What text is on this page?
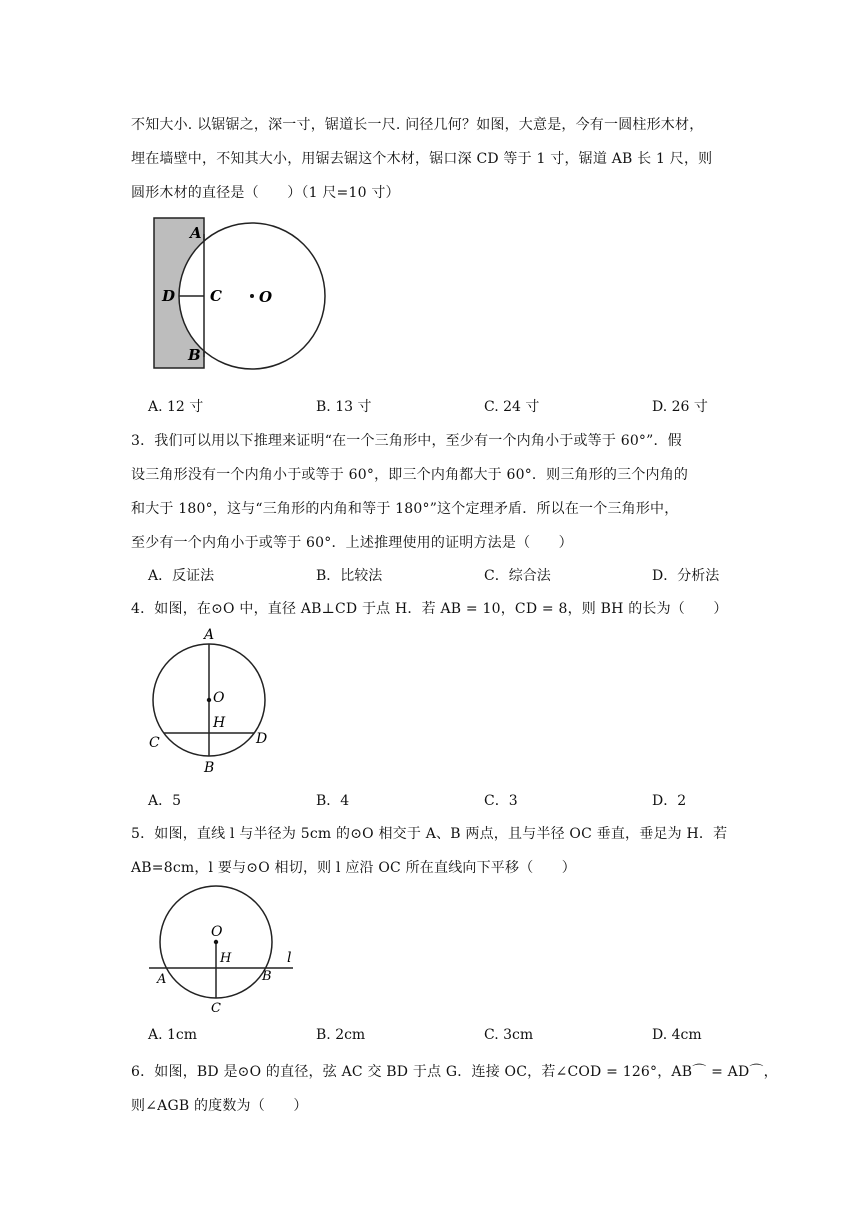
不知大小. 以锯锯之，深一寸，锯道长一尺. 问径几何？如图，大意是，今有一圆柱形木材，
埋在墙壁中，不知其大小，用锯去锯这个木材，锯口深 CD 等于 1 寸，锯道 AB 长 1 尺，则
圆形木材的直径是（　　）（1 尺=10 寸）
A
D C O
B
A. 12 寸	B. 13 寸	C. 24 寸	D. 26 寸
3．我们可以用以下推理来证明“在一个三角形中，至少有一个内角小于或等于 60°”．假
设三角形没有一个内角小于或等于 60°，即三个内角都大于 60°．则三角形的三个内角的
和大于 180°，这与“三角形的内角和等于 180°”这个定理矛盾．所以在一个三角形中，
至少有一个内角小于或等于 60°．上述推理使用的证明方法是（　　）
A．反证法	B．比较法	C．综合法	D．分析法
4．如图，在⊙O 中，直径 AB⊥CD 于点 H．若 AB = 10，CD = 8，则 BH 的长为（　　）
A
O
H
C	D
B
A．5	B．4	C．3	D．2
5．如图，直线 l 与半径为 5cm 的⊙O 相交于 A、B 两点，且与半径 OC 垂直，垂足为 H．若
AB=8cm，l 要与⊙O 相切，则 l 应沿 OC 所在直线向下平移（　　）
O
H	l
A	B
C
A. 1cm	B. 2cm	C. 3cm	D. 4cm
6．如图，BD 是⊙O 的直径，弦 AC 交 BD 于点 G．连接 OC，若∠COD = 126°，AB⌒ = AD⌒，
则∠AGB 的度数为（　　）
